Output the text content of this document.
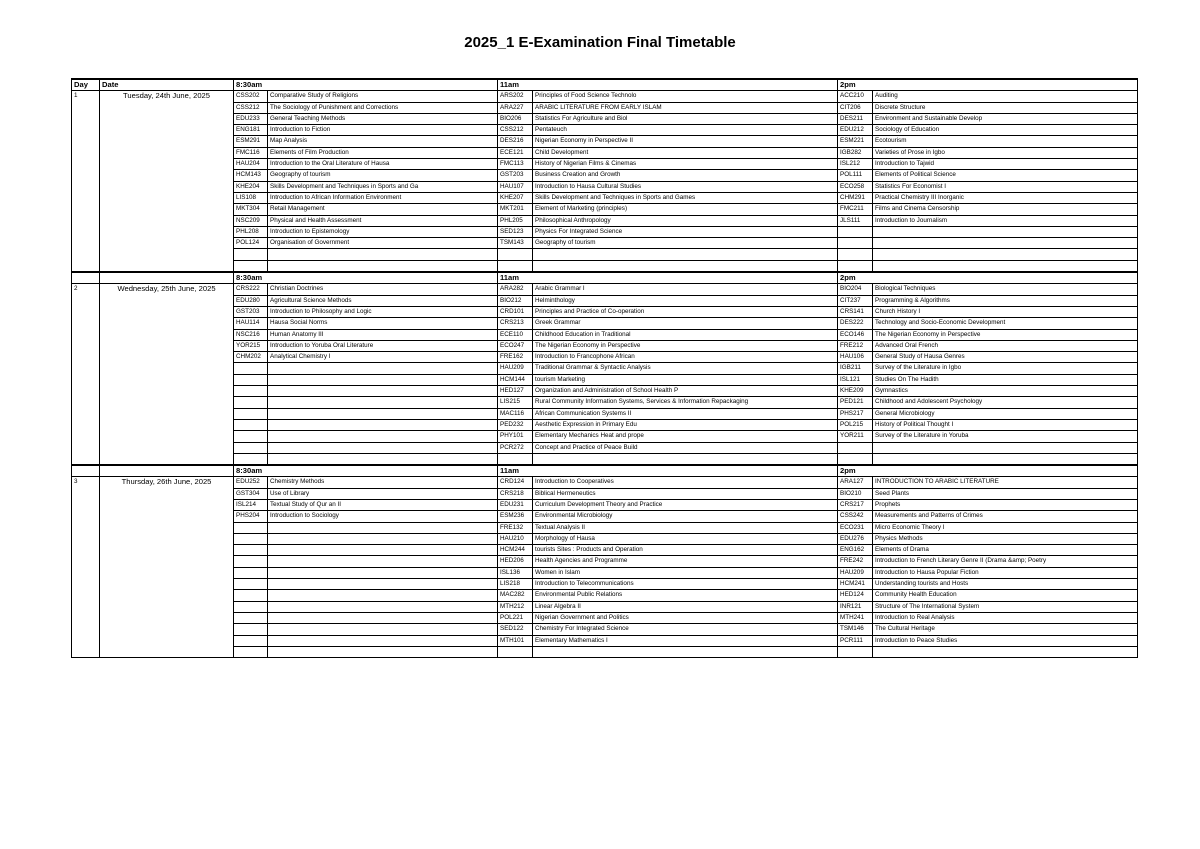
2025_1 E-Examination Final Timetable
Day	Date	8:30am		11am		2pm	
1	Tuesday, 24th June, 2025	CSS202	Comparative Study of Religions	ARS202	Principles of Food Science Technolo	ACC210	Auditing
		CSS212	The Sociology of Punishment and Corrections	ARA227	ARABIC LITERATURE FROM EARLY ISLAM	CIT206	Discrete Structure
		EDU233	General Teaching Methods	BIO206	Statistics For Agriculture and Biol	DES211	Environment and Sustainable Develop
		ENG181	Introduction to Fiction	CSS212	Pentateuch	EDU212	Sociology of Education
		ESM291	Map Analysis	DES216	Nigerian Economy in Perspective II	ESM221	Ecotourism
		FMC116	Elements of Film Production	ECE121	Child Development	IGB282	Varieties of Prose in Igbo
		HAU204	Introduction to the Oral Literature of Hausa	FMC113	History of Nigerian Films & Cinemas	ISL212	Introduction to Tajwid
		HCM143	Geography of tourism	GST203	Business Creation and Growth	POL111	Elements of Political Science
		KHE204	Skills Development and Techniques in Sports and Ga	HAU107	Introduction to Hausa Cultural Studies	ECO258	Statistics For Economist I
		LIS108	Introduction to African Information Environment	KHE207	Skills Development and Techniques in Sports and Games	CHM291	Practical Chemistry III Inorganic
		MKT304	Retail Management	MKT201	Element of Marketing (principles)	FMC211	Films and Cinema Censorship
		NSC209	Physical and Health Assessment	PHL205	Philosophical Anthropology	JLS111	Introduction to Journalism
		PHL208	Introduction to Epistemology	SED123	Physics For Integrated Science		
		POL124	Organisation of Government	TSM143	Geography of tourism		

		8:30am		11am		2pm	
2	Wednesday, 25th June, 2025	CRS222	Christian Doctrines	ARA282	Arabic Grammar I	BIO204	Biological Techniques
		EDU280	Agricultural Science Methods	BIO212	Helminthology	CIT237	Programming & Algorithms
		GST203	Introduction to Philosophy and Logic	CRD101	Principles and Practice of Co-operation	CRS141	Church History I
		HAU114	Hausa Social Norms	CRS213	Greek Grammar	DES222	Technology and Socio-Economic Development
		NSC216	Human Anatomy III	ECE110	Childhood Education in Traditional	ECO146	The Nigerian Economy in Perspective
		YOR215	Introduction to Yoruba Oral Literature	ECO247	The Nigerian Economy in Perspective	FRE212	Advanced Oral French
		CHM202	Analytical Chemistry I	FRE162	Introduction to Francophone African	HAU106	General Study of Hausa Genres
				HAU209	Traditional Grammar & Syntactic Analysis	IGB211	Survey of the Literature in Igbo
				HCM144	tourism Marketing	ISL121	Studies On The Hadith
				HED127	Organization and Administration of School Health P	KHE209	Gymnastics
				LIS215	Rural Community Information Systems, Services & Information Repackaging	PED121	Childhood and Adolescent Psychology
				MAC116	African Communication Systems II	PHS217	General Microbiology
				PED232	Aesthetic Expression in Primary Edu	POL215	History of Political Thought I
				PHY101	Elementary Mechanics Heat and prope	YOR211	Survey of the Literature in Yoruba
				PCR272	Concept and Practice of Peace Build		

		8:30am		11am		2pm	
3	Thursday, 26th June, 2025	EDU252	Chemistry Methods	CRD124	Introduction to Cooperatives	ARA127	INTRODUCTION TO ARABIC LITERATURE
		GST304	Use of Library	CRS218	Biblical Hermeneutics	BIO210	Seed Plants
		ISL214	Textual Study of Qur an II	EDU231	Curriculum Development Theory and Practice	CRS217	Prophets
		PHS204	Introduction to Sociology	ESM236	Environmental Microbiology	CSS242	Measurements and Patterns of Crimes
				FRE132	Textual Analysis II	ECO231	Micro Economic Theory I
				HAU210	Morphology of Hausa	EDU276	Physics Methods
				HCM244	tourists Sites : Products and Operation	ENG162	Elements of Drama
				HED206	Health Agencies and Programme	FRE242	Introduction to French Literary Genre II (Drama &amp; Poetry
				ISL136	Women in Islam	HAU209	Introduction to Hausa Popular Fiction
				LIS218	Introduction to Telecommunications	HCM241	Understanding tourists and Hosts
				MAC282	Environmental Public Relations	HED124	Community Health Education
				MTH212	Linear Algebra II	INR121	Structure of The International System
				POL221	Nigerian Government and Politics	MTH241	Introduction to Real Analysis
				SED122	Chemistry For Integrated Science	TSM146	The Cultural Heritage
				MTH101	Elementary Mathematics I	PCR111	Introduction to Peace Studies
